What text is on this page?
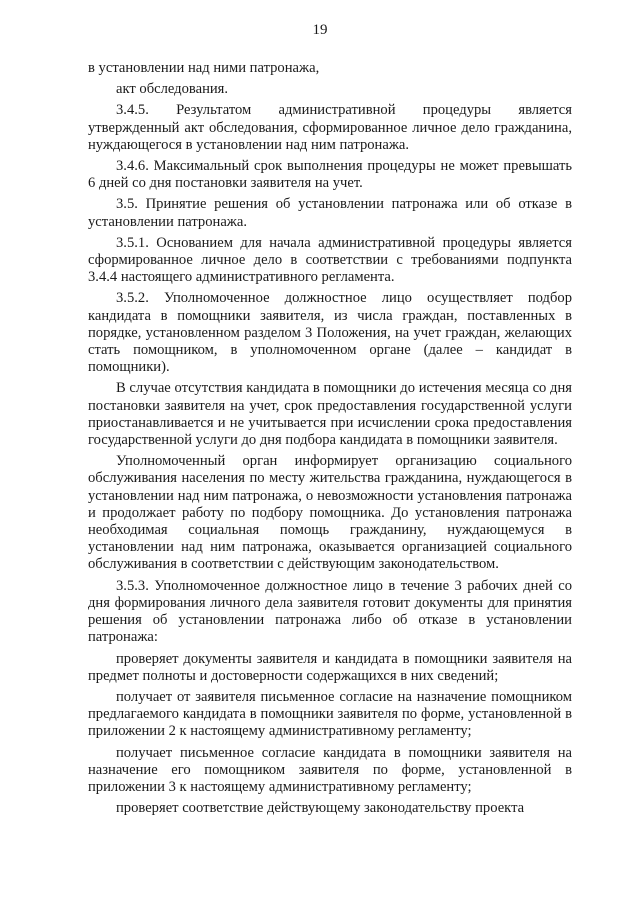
19

в установлении над ними патронажа,

акт обследования.

3.4.5. Результатом административной процедуры является утвержденный акт обследования, сформированное личное дело гражданина, нуждающегося в установлении над ним патронажа.

3.4.6. Максимальный срок выполнения процедуры не может превышать 6 дней со дня постановки заявителя на учет.

3.5. Принятие решения об установлении патронажа или об отказе в установлении патронажа.

3.5.1. Основанием для начала административной процедуры является сформированное личное дело в соответствии с требованиями подпункта 3.4.4 настоящего административного регламента.

3.5.2. Уполномоченное должностное лицо осуществляет подбор кандидата в помощники заявителя, из числа граждан, поставленных в порядке, установленном разделом 3 Положения, на учет граждан, желающих стать помощником, в уполномоченном органе (далее – кандидат в помощники).

В случае отсутствия кандидата в помощники до истечения месяца со дня постановки заявителя на учет, срок предоставления государственной услуги приостанавливается и не учитывается при исчислении срока предоставления государственной услуги до дня подбора кандидата в помощники заявителя.

Уполномоченный орган информирует организацию социального обслуживания населения по месту жительства гражданина, нуждающегося в установлении над ним патронажа, о невозможности установления патронажа и продолжает работу по подбору помощника. До установления патронажа необходимая социальная помощь гражданину, нуждающемуся в установлении над ним патронажа, оказывается организацией социального обслуживания в соответствии с действующим законодательством.

3.5.3. Уполномоченное должностное лицо в течение 3 рабочих дней со дня формирования личного дела заявителя готовит документы для принятия решения об установлении патронажа либо об отказе в установлении патронажа:

проверяет документы заявителя и кандидата в помощники заявителя на предмет полноты и достоверности содержащихся в них сведений;

получает от заявителя письменное согласие на назначение помощником предлагаемого кандидата в помощники заявителя по форме, установленной в приложении 2 к настоящему административному регламенту;

получает письменное согласие кандидата в помощники заявителя на назначение его помощником заявителя по форме, установленной в приложении 3 к настоящему административному регламенту;

проверяет соответствие действующему законодательству проекта
